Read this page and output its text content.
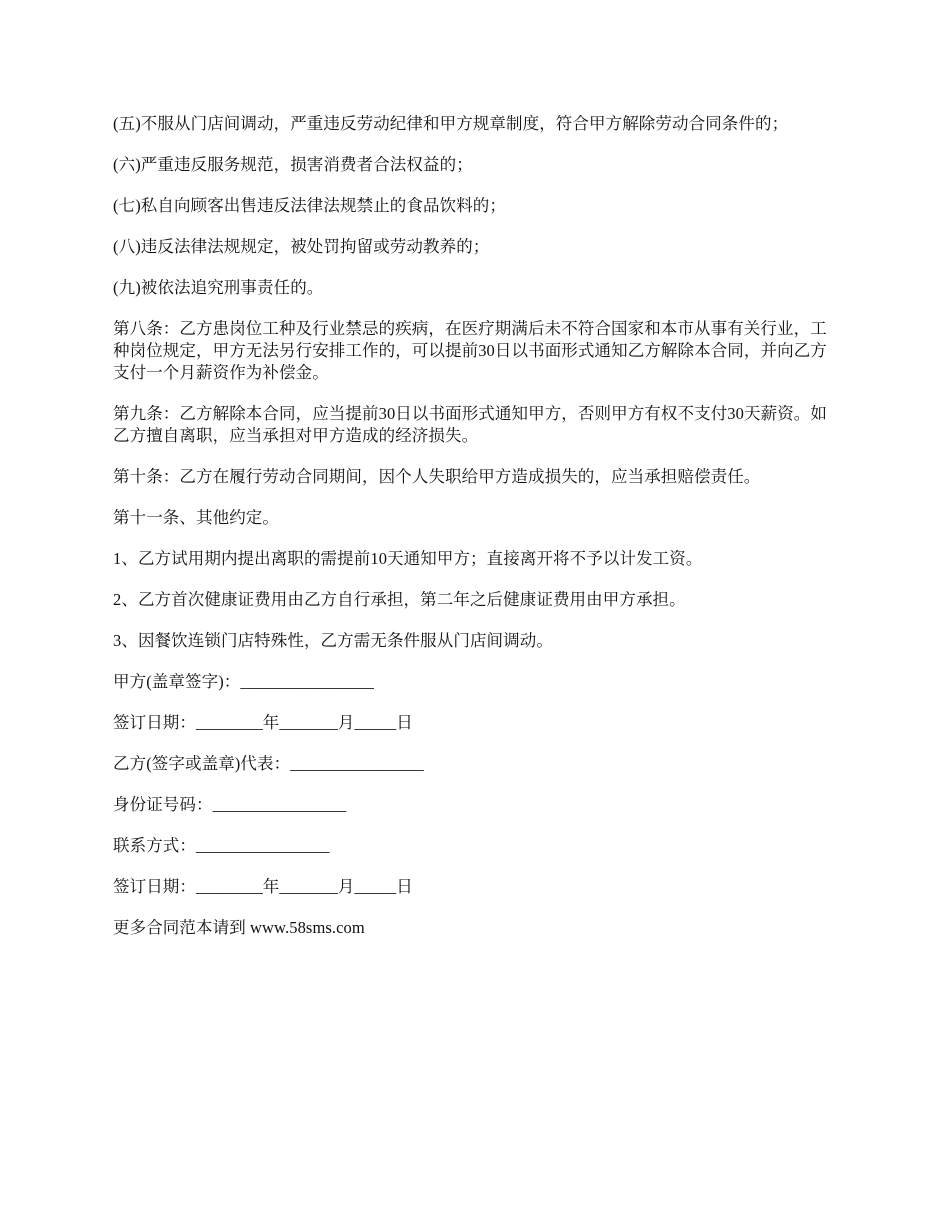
(五)不服从门店间调动，严重违反劳动纪律和甲方规章制度，符合甲方解除劳动合同条件的；

(六)严重违反服务规范，损害消费者合法权益的；

(七)私自向顾客出售违反法律法规禁止的食品饮料的；

(八)违反法律法规规定，被处罚拘留或劳动教养的；

(九)被依法追究刑事责任的。

第八条：乙方患岗位工种及行业禁忌的疾病，在医疗期满后未不符合国家和本市从事有关行业，工种岗位规定，甲方无法另行安排工作的，可以提前30日以书面形式通知乙方解除本合同，并向乙方支付一个月薪资作为补偿金。

第九条：乙方解除本合同，应当提前30日以书面形式通知甲方，否则甲方有权不支付30天薪资。如乙方擅自离职，应当承担对甲方造成的经济损失。

第十条：乙方在履行劳动合同期间，因个人失职给甲方造成损失的，应当承担赔偿责任。

第十一条、其他约定。

1、乙方试用期内提出离职的需提前10天通知甲方；直接离开将不予以计发工资。

2、乙方首次健康证费用由乙方自行承担，第二年之后健康证费用由甲方承担。

3、因餐饮连锁门店特殊性，乙方需无条件服从门店间调动。

甲方(盖章签字)：________________

签订日期：________年_______月_____日

乙方(签字或盖章)代表：________________

身份证号码：________________

联系方式：________________

签订日期：________年_______月_____日

更多合同范本请到 www.58sms.com
